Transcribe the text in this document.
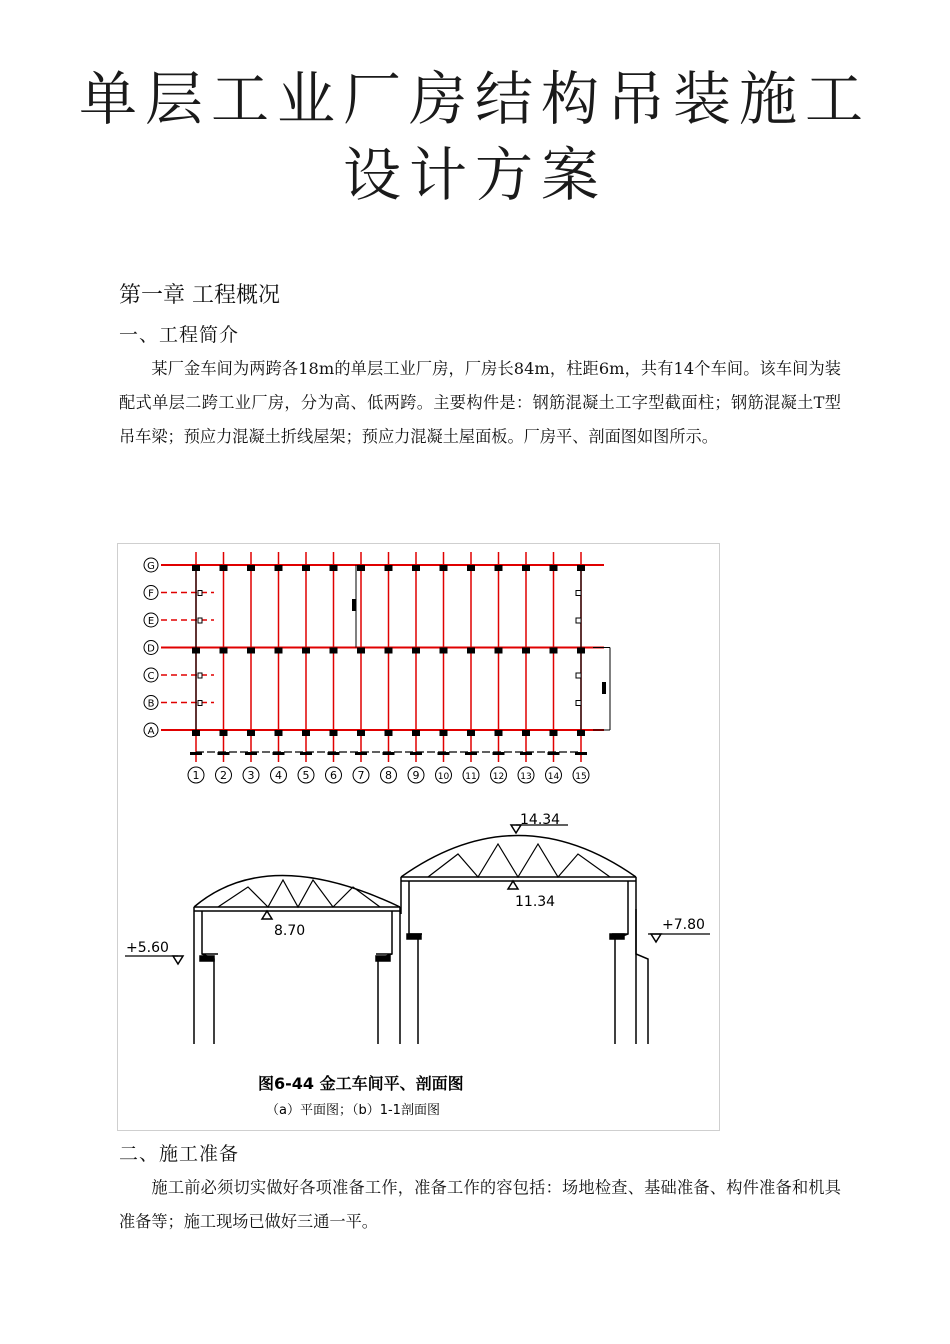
单层工业厂房结构吊装施工
设计方案
第一章 工程概况
一、工程简介
某厂金车间为两跨各18m的单层工业厂房，厂房长84m，柱距6m，共有14个车间。该车间为装配式单层二跨工业厂房，分为高、低两跨。主要构件是：钢筋混凝土工字型截面柱；钢筋混凝土T型吊车梁；预应力混凝土折线屋架；预应力混凝土屋面板。厂房平、剖面图如图所示。
G
F
E
D
C
B
A
1 2 3 4 5 6 7 8 9 10 11 12 13 14 15
14.34
11.34
8.70
+5.60
+7.80
图6-44 金工车间平、剖面图
（a）平面图；（b）1-1剖面图
二、施工准备
施工前必须切实做好各项准备工作，准备工作的容包括：场地检查、基础准备、构件准备和机具准备等；施工现场已做好三通一平。
